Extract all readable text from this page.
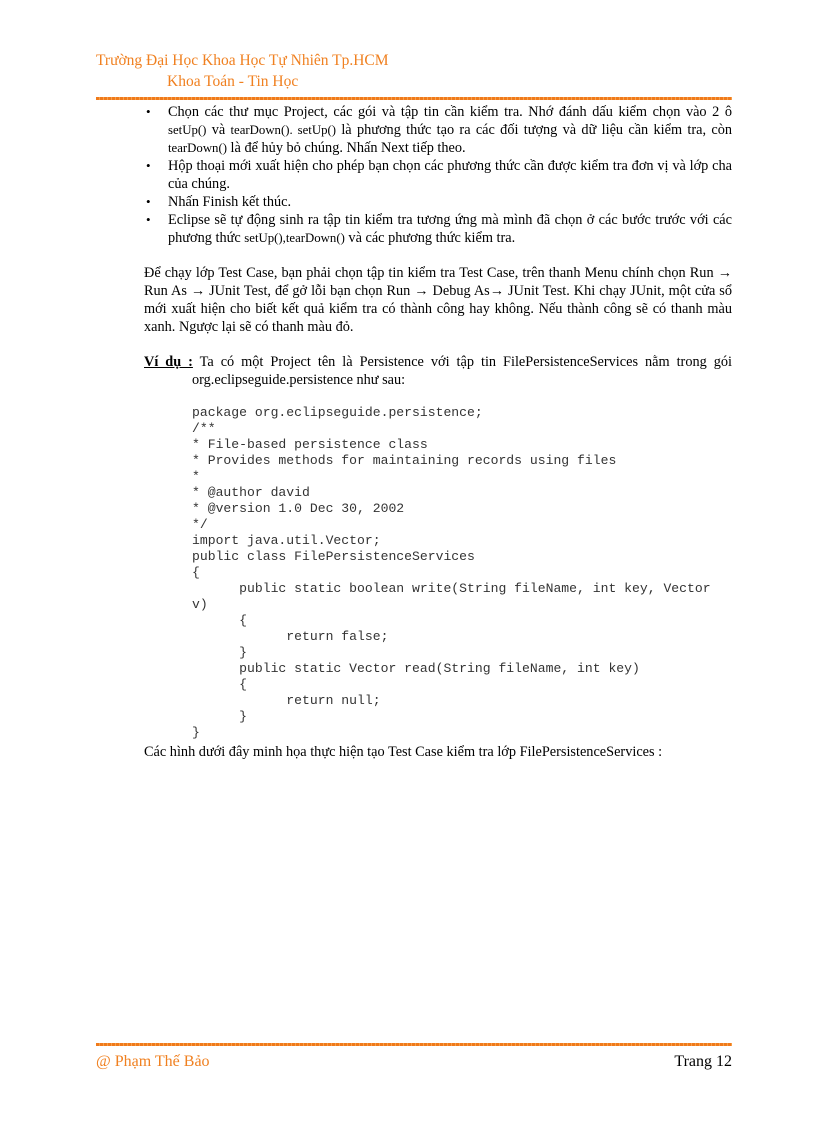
Trường Đại Học Khoa Học Tự Nhiên Tp.HCM
Khoa Toán - Tin Học
• Chọn các thư mục Project, các gói và tập tin cần kiểm tra. Nhớ đánh dấu kiểm chọn vào 2 ô setUp() và tearDown(). setUp() là phương thức tạo ra các đối tượng và dữ liệu cần kiểm tra, còn tearDown() là để hủy bỏ chúng. Nhấn Next tiếp theo.
• Hộp thoại mới xuất hiện cho phép bạn chọn các phương thức cần được kiểm tra đơn vị và lớp cha của chúng.
• Nhấn Finish kết thúc.
• Eclipse sẽ tự động sinh ra tập tin kiểm tra tương ứng mà mình đã chọn ở các bước trước với các phương thức setUp(),tearDown() và các phương thức kiểm tra.

Để chạy lớp Test Case, bạn phải chọn tập tin kiểm tra Test Case, trên thanh Menu chính chọn Run → Run As → JUnit Test, để gở lỗi bạn chọn Run → Debug As→ JUnit Test. Khi chạy JUnit, một cửa sổ mới xuất hiện cho biết kết quả kiểm tra có thành công hay không. Nếu thành công sẽ có thanh màu xanh. Ngược lại sẽ có thanh màu đỏ.

Ví dụ : Ta có một Project tên là Persistence với tập tin FilePersistenceServices nằm trong gói org.eclipseguide.persistence như sau:

package org.eclipseguide.persistence;
/**
* File-based persistence class
* Provides methods for maintaining records using files
*
* @author david
* @version 1.0 Dec 30, 2002
*/
import java.util.Vector;
public class FilePersistenceServices
{
public static boolean write(String fileName, int key, Vector
v)
{
return false;
}
public static Vector read(String fileName, int key)
{
return null;
}
}

Các hình dưới đây minh họa thực hiện tạo Test Case kiểm tra lớp FilePersistenceServices :

@ Phạm Thế Bảo	Trang 12
